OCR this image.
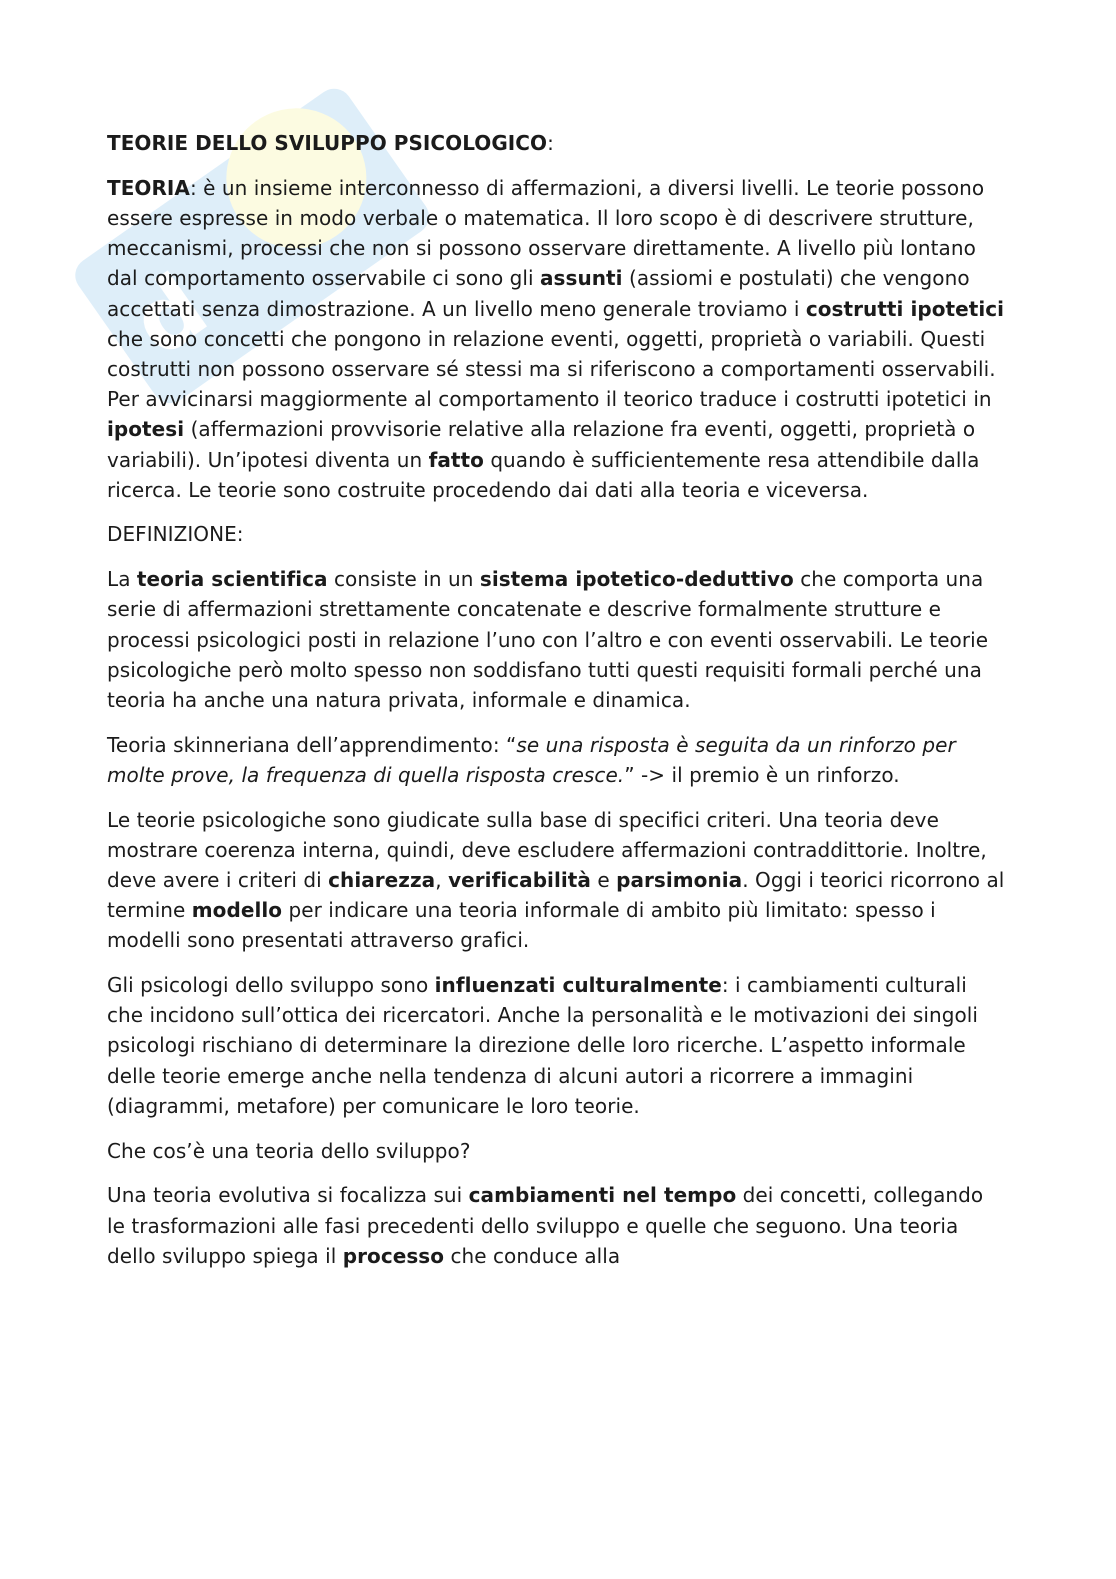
d

TEORIE DELLO SVILUPPO PSICOLOGICO:

TEORIA: è un insieme interconnesso di affermazioni, a diversi livelli. Le teorie possono essere espresse in modo verbale o matematica. Il loro scopo è di descrivere strutture, meccanismi, processi che non si possono osservare direttamente. A livello più lontano dal comportamento osservabile ci sono gli assunti (assiomi e postulati) che vengono accettati senza dimostrazione. A un livello meno generale troviamo i costrutti ipotetici che sono concetti che pongono in relazione eventi, oggetti, proprietà o variabili. Questi costrutti non possono osservare sé stessi ma si riferiscono a comportamenti osservabili. Per avvicinarsi maggiormente al comportamento il teorico traduce i costrutti ipotetici in ipotesi (affermazioni provvisorie relative alla relazione fra eventi, oggetti, proprietà o variabili). Un’ipotesi diventa un fatto quando è sufficientemente resa attendibile dalla ricerca. Le teorie sono costruite procedendo dai dati alla teoria e viceversa.

DEFINIZIONE:

La teoria scientifica consiste in un sistema ipotetico-deduttivo che comporta una serie di affermazioni strettamente concatenate e descrive formalmente strutture e processi psicologici posti in relazione l’uno con l’altro e con eventi osservabili. Le teorie psicologiche però molto spesso non soddisfano tutti questi requisiti formali perché una teoria ha anche una natura privata, informale e dinamica.

Teoria skinneriana dell’apprendimento: “se una risposta è seguita da un rinforzo per molte prove, la frequenza di quella risposta cresce.” -> il premio è un rinforzo.

Le teorie psicologiche sono giudicate sulla base di specifici criteri. Una teoria deve mostrare coerenza interna, quindi, deve escludere affermazioni contraddittorie. Inoltre, deve avere i criteri di chiarezza, verificabilità e parsimonia. Oggi i teorici ricorrono al termine modello per indicare una teoria informale di ambito più limitato: spesso i modelli sono presentati attraverso grafici.

Gli psicologi dello sviluppo sono influenzati culturalmente: i cambiamenti culturali che incidono sull’ottica dei ricercatori. Anche la personalità e le motivazioni dei singoli psicologi rischiano di determinare la direzione delle loro ricerche. L’aspetto informale delle teorie emerge anche nella tendenza di alcuni autori a ricorrere a immagini (diagrammi, metafore) per comunicare le loro teorie.

Che cos’è una teoria dello sviluppo?

Una teoria evolutiva si focalizza sui cambiamenti nel tempo dei concetti, collegando le trasformazioni alle fasi precedenti dello sviluppo e quelle che seguono. Una teoria dello sviluppo spiega il processo che conduce alla
